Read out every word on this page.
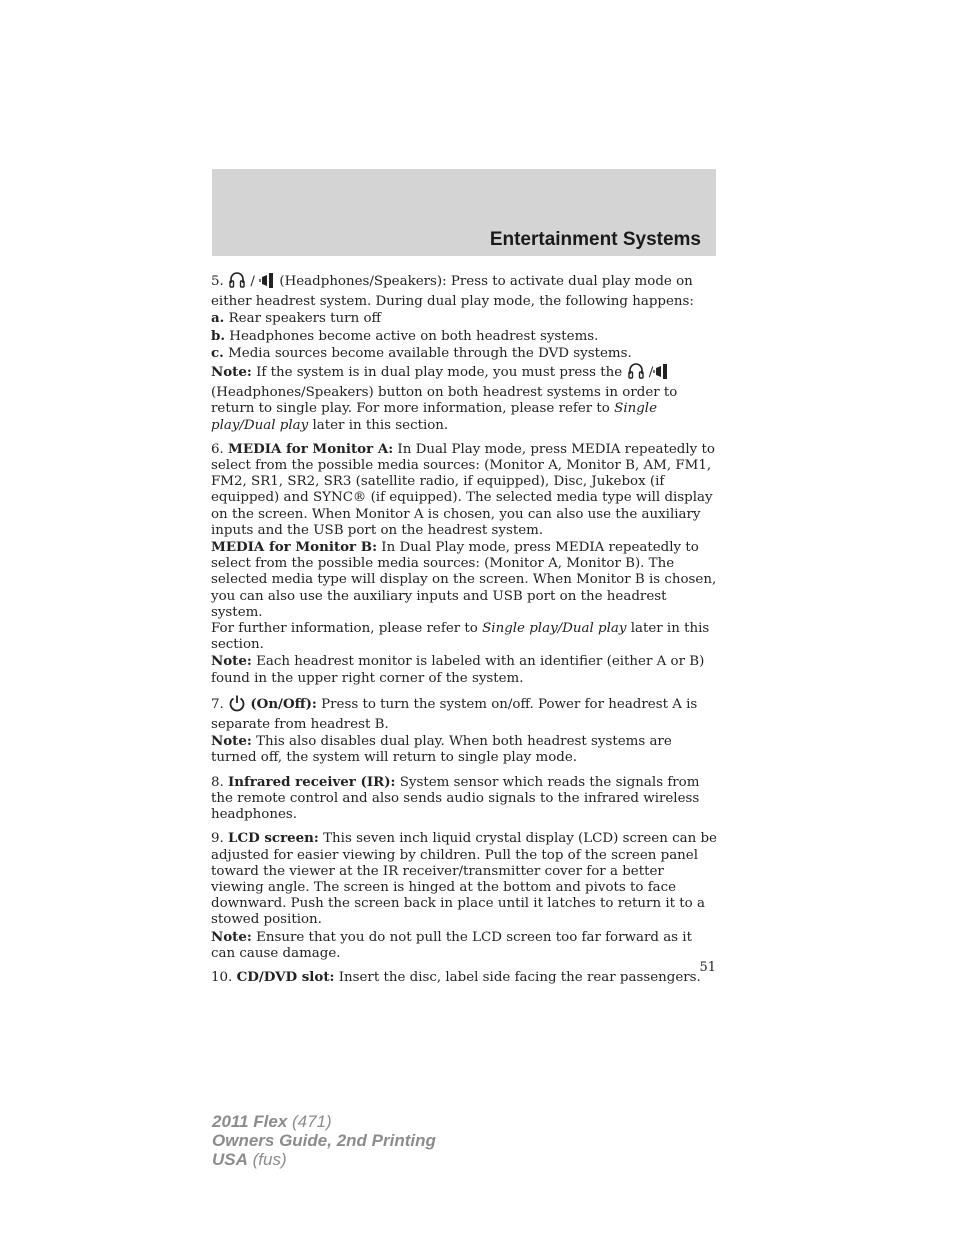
Entertainment Systems

5. /  (Headphones/Speakers): Press to activate dual play mode on either headrest system. During dual play mode, the following happens:

a. Rear speakers turn off

b. Headphones become active on both headrest systems.

c. Media sources become available through the DVD systems.

Note: If the system is in dual play mode, you must press the  / (Headphones/Speakers) button on both headrest systems in order to return to single play. For more information, please refer to Single play/Dual play later in this section.

6. MEDIA for Monitor A: In Dual Play mode, press MEDIA repeatedly to select from the possible media sources: (Monitor A, Monitor B, AM, FM1, FM2, SR1, SR2, SR3 (satellite radio, if equipped), Disc, Jukebox (if equipped) and SYNC® (if equipped). The selected media type will display on the screen. When Monitor A is chosen, you can also use the auxiliary inputs and the USB port on the headrest system.

MEDIA for Monitor B: In Dual Play mode, press MEDIA repeatedly to select from the possible media sources: (Monitor A, Monitor B). The selected media type will display on the screen. When Monitor B is chosen, you can also use the auxiliary inputs and USB port on the headrest system.

For further information, please refer to Single play/Dual play later in this section.

Note: Each headrest monitor is labeled with an identifier (either A or B) found in the upper right corner of the system.

7. (On/Off): Press to turn the system on/off. Power for headrest A is separate from headrest B.

Note: This also disables dual play. When both headrest systems are turned off, the system will return to single play mode.

8. Infrared receiver (IR): System sensor which reads the signals from the remote control and also sends audio signals to the infrared wireless headphones.

9. LCD screen: This seven inch liquid crystal display (LCD) screen can be adjusted for easier viewing by children. Pull the top of the screen panel toward the viewer at the IR receiver/transmitter cover for a better viewing angle. The screen is hinged at the bottom and pivots to face downward. Push the screen back in place until it latches to return it to a stowed position.

Note: Ensure that you do not pull the LCD screen too far forward as it can cause damage.

10. CD/DVD slot: Insert the disc, label side facing the rear passengers.

51
2011 Flex (471)
Owners Guide, 2nd Printing
USA (fus)
